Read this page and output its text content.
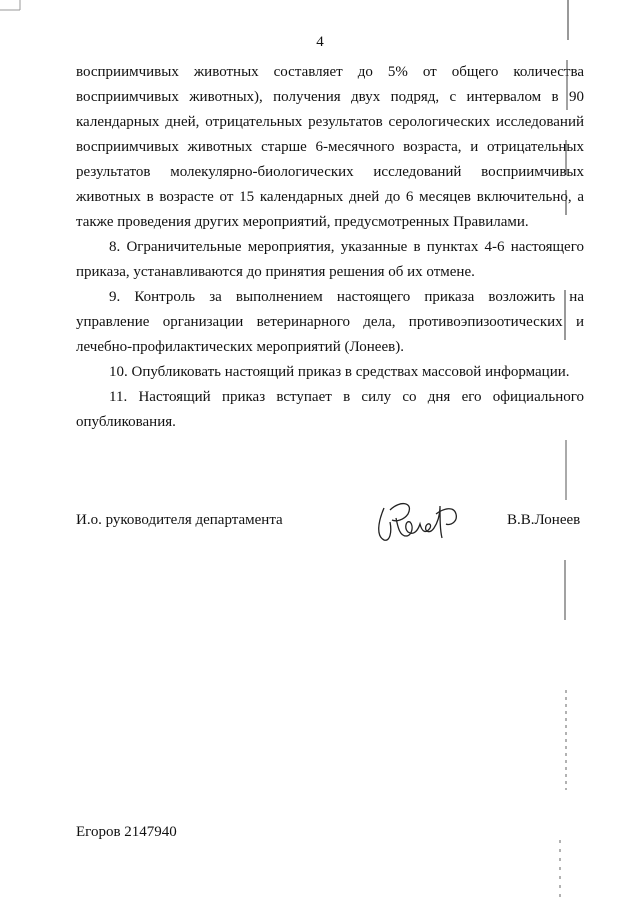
4

восприимчивых животных составляет до 5% от общего количества восприимчивых животных), получения двух подряд, с интервалом в 90 календарных дней, отрицательных результатов серологических исследований восприимчивых животных старше 6-месячного возраста, и отрицательных результатов молекулярно-биологических исследований восприимчивых животных в возрасте от 15 календарных дней до 6 месяцев включительно, а также проведения других мероприятий, предусмотренных Правилами.

8. Ограничительные мероприятия, указанные в пунктах 4-6 настоящего приказа, устанавливаются до принятия решения об их отмене.

9. Контроль за выполнением настоящего приказа возложить на управление организации ветеринарного дела, противоэпизоотических и лечебно-профилактических мероприятий (Лонеев).

10. Опубликовать настоящий приказ в средствах массовой информации.

11. Настоящий приказ вступает в силу со дня его официального опубликования.

И.о. руководителя департамента	В.В.Лонеев
Егоров 2147940
